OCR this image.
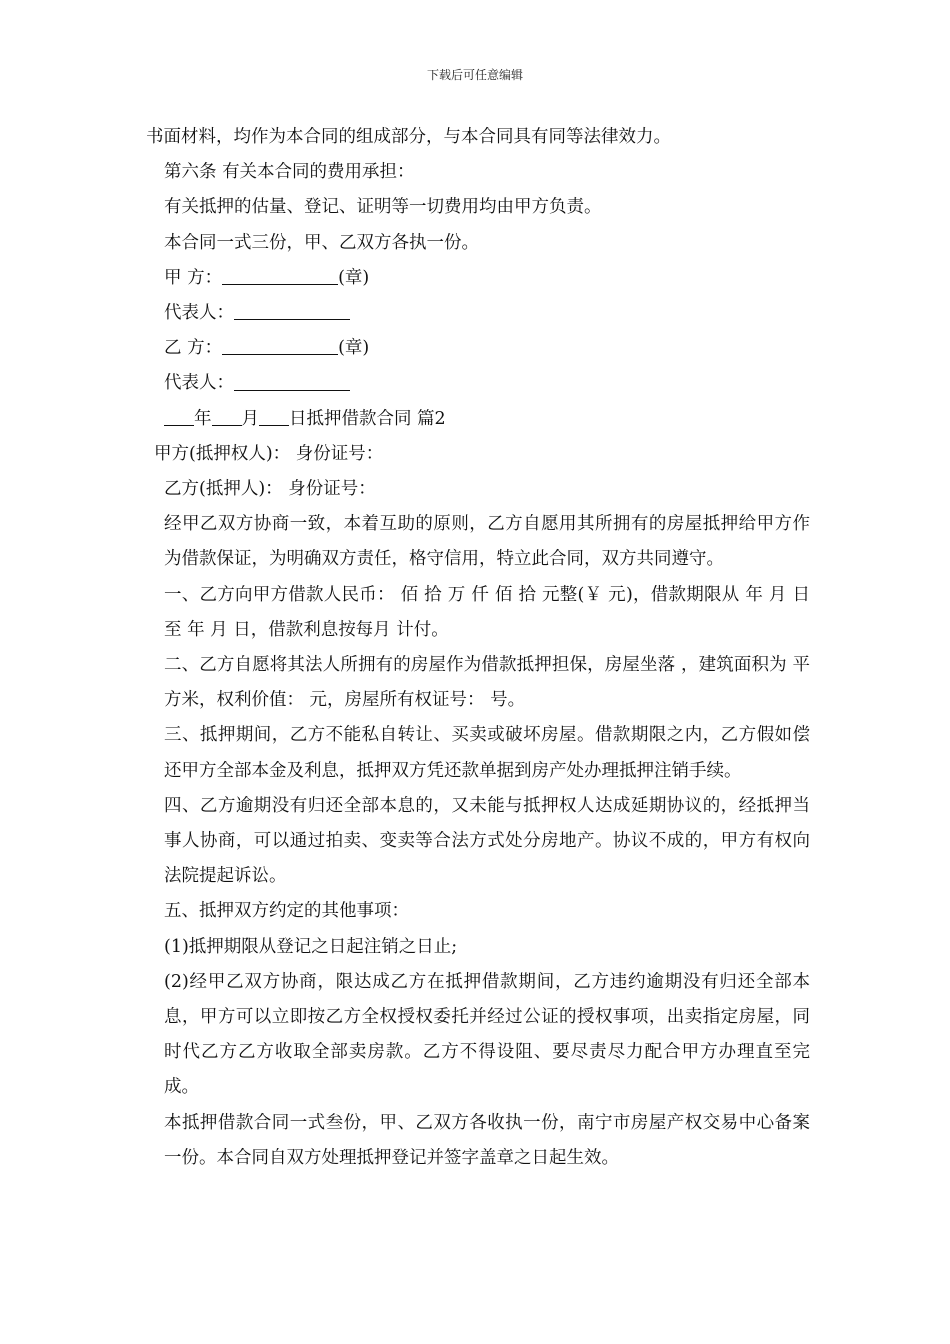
下载后可任意编辑

书面材料，均作为本合同的组成部分，与本合同具有同等法律效力。

第六条 有关本合同的费用承担：

有关抵押的估量、登记、证明等一切费用均由甲方负责。

本合同一式三份，甲、乙双方各执一份。

甲 方：	(章)

代表人：

乙 方：	(章)

代表人：

年 月 日抵押借款合同 篇2

甲方(抵押权人)： 身份证号：

乙方(抵押人)： 身份证号：

经甲乙双方协商一致，本着互助的原则，乙方自愿用其所拥有的房屋抵押给甲方作为借款保证，为明确双方责任，格守信用，特立此合同，双方共同遵守。

一、乙方向甲方借款人民币： 佰 拾 万 仟 佰 拾 元整(￥ 元)，借款期限从 年 月 日至 年 月 日，借款利息按每月 计付。

二、乙方自愿将其法人所拥有的房屋作为借款抵押担保，房屋坐落 ，建筑面积为 平方米，权利价值： 元，房屋所有权证号： 号。

三、抵押期间，乙方不能私自转让、买卖或破坏房屋。借款期限之内，乙方假如偿还甲方全部本金及利息，抵押双方凭还款单据到房产处办理抵押注销手续。

四、乙方逾期没有归还全部本息的，又未能与抵押权人达成延期协议的，经抵押当事人协商，可以通过拍卖、变卖等合法方式处分房地产。协议不成的，甲方有权向法院提起诉讼。

五、抵押双方约定的其他事项：

(1)抵押期限从登记之日起注销之日止;

(2)经甲乙双方协商，限达成乙方在抵押借款期间，乙方违约逾期没有归还全部本息，甲方可以立即按乙方全权授权委托并经过公证的授权事项，出卖指定房屋，同时代乙方乙方收取全部卖房款。乙方不得设阻、要尽责尽力配合甲方办理直至完成。

本抵押借款合同一式叁份，甲、乙双方各收执一份，南宁市房屋产权交易中心备案一份。本合同自双方处理抵押登记并签字盖章之日起生效。
